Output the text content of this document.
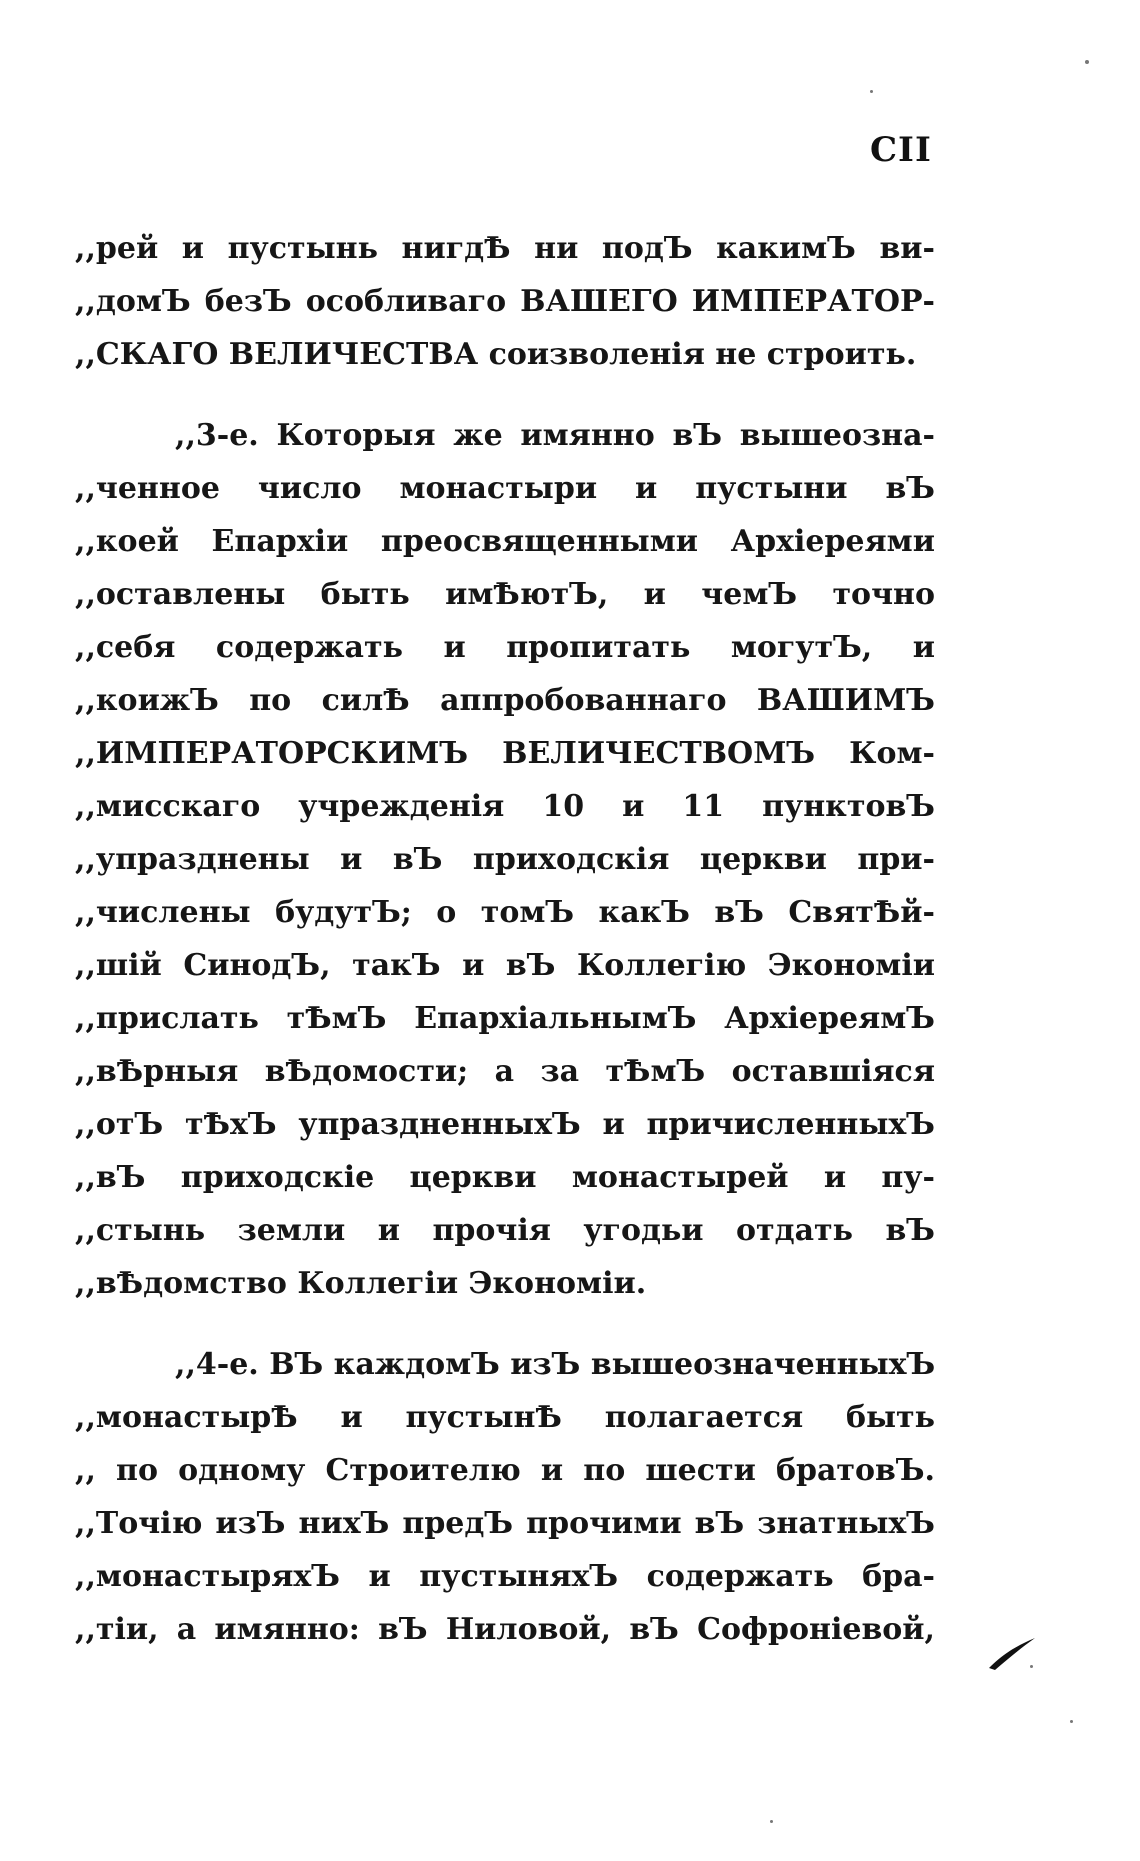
CII
,,рей и пустынь нигдѢ ни подЪ какимЪ ви-
,,домЪ безЪ особливаго ВАШЕГО ИМПЕРАТОР-
,,СКАГО ВЕЛИЧЕСТВА соизволенія не строить.
,,3-е. Которыя же имянно вЪ вышеозна-
,,ченное число монастыри и пустыни вЪ
,,коей Епархіи преосвященными Архіереями
,,оставлены быть имѢютЪ, и чемЪ точно
,,себя содержать и пропитать могутЪ, и
,,коижЪ по силѢ аппробованнаго ВАШИМЪ
,,ИМПЕРАТОРСКИМЪ ВЕЛИЧЕСТВОМЪ Ком-
,,мисскаго учрежденія 10 и 11 пунктовЪ
,,упразднены и вЪ приходскія церкви при-
,,числены будутЪ; о томЪ какЪ вЪ СвятѢй-
,,шій СинодЪ, такЪ и вЪ Коллегію Экономіи
,,прислать тѢмЪ ЕпархіальнымЪ АрхіереямЪ
,,вѢрныя вѢдомости; а за тѢмЪ оставшіяся
,,отЪ тѢхЪ упраздненныхЪ и причисленныхЪ
,,вЪ приходскіе церкви монастырей и пу-
,,стынь земли и прочія угодьи отдать вЪ
,,вѢдомство Коллегіи Экономіи.
,,4-е. ВЪ каждомЪ изЪ вышеозначенныхЪ
,,монастырѢ и пустынѢ полагается быть
,, по одному Строителю и по шести братовЪ.
,,Точію изЪ нихЪ предЪ прочими вЪ знатныхЪ
,,монастыряхЪ и пустыняхЪ содержать бра-
,,тіи, а имянно: вЪ Ниловой, вЪ Софроніевой,
